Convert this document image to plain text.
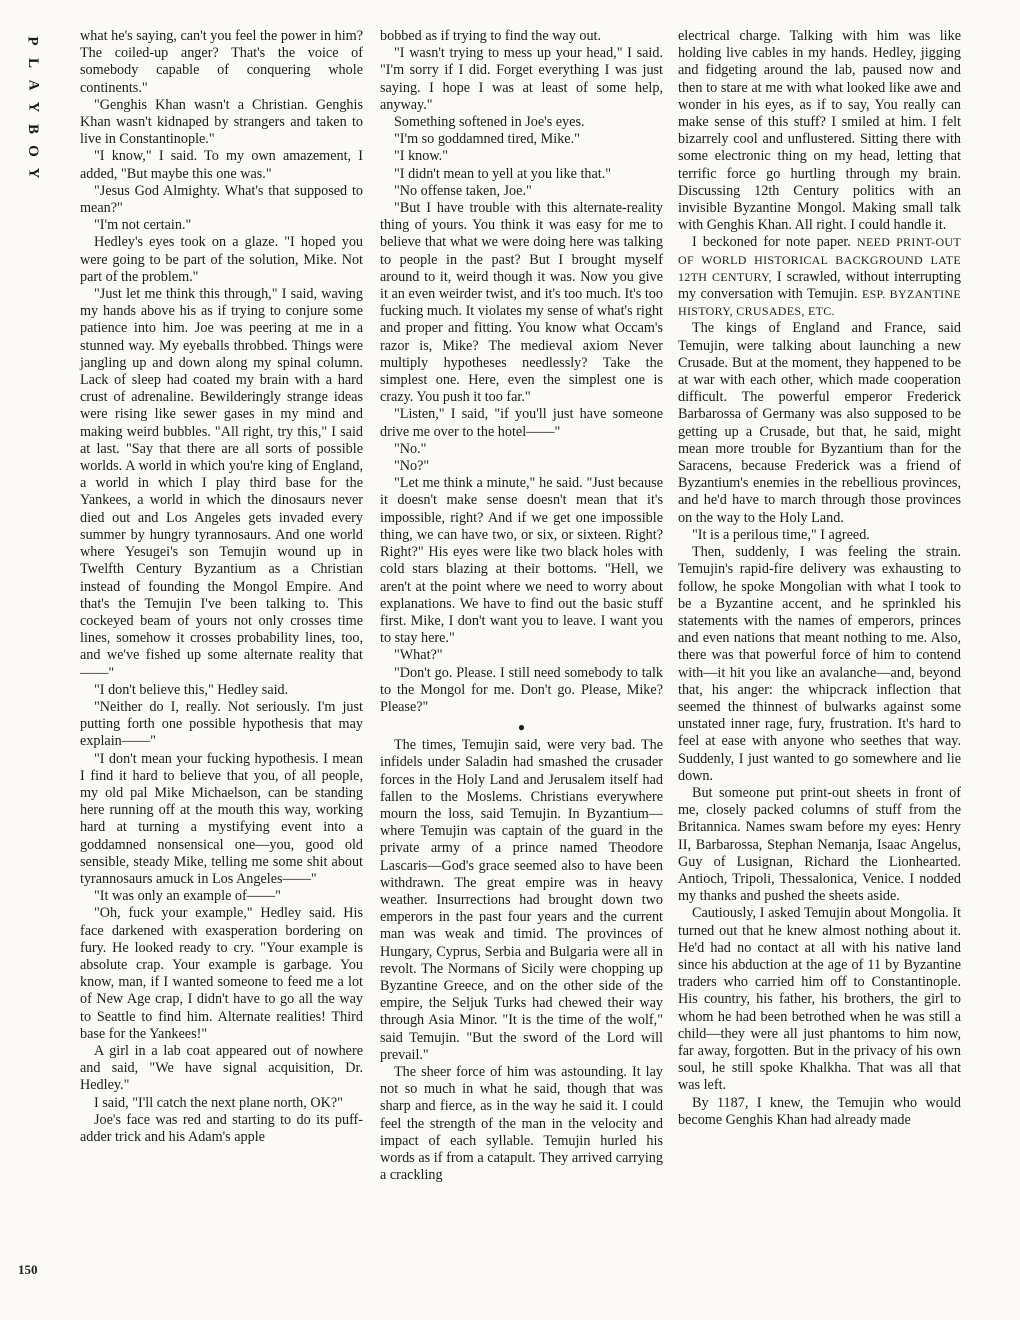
P
L
A
Y
B
O
Y
150

what he's saying, can't you feel the power in him? The coiled-up anger? That's the voice of somebody capable of conquering whole continents."

"Genghis Khan wasn't a Christian. Genghis Khan wasn't kidnaped by strangers and taken to live in Constantinople."

"I know," I said. To my own amazement, I added, "But maybe this one was."

"Jesus God Almighty. What's that supposed to mean?"

"I'm not certain."

Hedley's eyes took on a glaze. "I hoped you were going to be part of the solution, Mike. Not part of the problem."

"Just let me think this through," I said, waving my hands above his as if trying to conjure some patience into him. Joe was peering at me in a stunned way. My eyeballs throbbed. Things were jangling up and down along my spinal column. Lack of sleep had coated my brain with a hard crust of adrenaline. Bewilderingly strange ideas were rising like sewer gases in my mind and making weird bubbles. "All right, try this," I said at last. "Say that there are all sorts of possible worlds. A world in which you're king of England, a world in which I play third base for the Yankees, a world in which the dinosaurs never died out and Los Angeles gets invaded every summer by hungry tyrannosaurs. And one world where Yesugei's son Temujin wound up in Twelfth Century Byzantium as a Christian instead of founding the Mongol Empire. And that's the Temujin I've been talking to. This cockeyed beam of yours not only crosses time lines, somehow it crosses probability lines, too, and we've fished up some alternate reality that——"

"I don't believe this," Hedley said.

"Neither do I, really. Not seriously. I'm just putting forth one possible hypothesis that may explain——"

"I don't mean your fucking hypothesis. I mean I find it hard to believe that you, of all people, my old pal Mike Michaelson, can be standing here running off at the mouth this way, working hard at turning a mystifying event into a goddamned nonsensical one—you, good old sensible, steady Mike, telling me some shit about tyrannosaurs amuck in Los Angeles——"

"It was only an example of——"

"Oh, fuck your example," Hedley said. His face darkened with exasperation bordering on fury. He looked ready to cry. "Your example is absolute crap. Your example is garbage. You know, man, if I wanted someone to feed me a lot of New Age crap, I didn't have to go all the way to Seattle to find him. Alternate realities! Third base for the Yankees!"

A girl in a lab coat appeared out of nowhere and said, "We have signal acquisition, Dr. Hedley."

I said, "I'll catch the next plane north, OK?"

Joe's face was red and starting to do its puff-adder trick and his Adam's apple

bobbed as if trying to find the way out.

"I wasn't trying to mess up your head," I said. "I'm sorry if I did. Forget everything I was just saying. I hope I was at least of some help, anyway."

Something softened in Joe's eyes.

"I'm so goddamned tired, Mike."

"I know."

"I didn't mean to yell at you like that."

"No offense taken, Joe."

"But I have trouble with this alternate-reality thing of yours. You think it was easy for me to believe that what we were doing here was talking to people in the past? But I brought myself around to it, weird though it was. Now you give it an even weirder twist, and it's too much. It's too fucking much. It violates my sense of what's right and proper and fitting. You know what Occam's razor is, Mike? The medieval axiom Never multiply hypotheses needlessly? Take the simplest one. Here, even the simplest one is crazy. You push it too far."

"Listen," I said, "if you'll just have someone drive me over to the hotel——"

"No."

"No?"

"Let me think a minute," he said. "Just because it doesn't make sense doesn't mean that it's impossible, right? And if we get one impossible thing, we can have two, or six, or sixteen. Right? Right?" His eyes were like two black holes with cold stars blazing at their bottoms. "Hell, we aren't at the point where we need to worry about explanations. We have to find out the basic stuff first. Mike, I don't want you to leave. I want you to stay here."

"What?"

"Don't go. Please. I still need somebody to talk to the Mongol for me. Don't go. Please, Mike? Please?"

●

The times, Temujin said, were very bad. The infidels under Saladin had smashed the crusader forces in the Holy Land and Jerusalem itself had fallen to the Moslems. Christians everywhere mourn the loss, said Temujin. In Byzantium—where Temujin was captain of the guard in the private army of a prince named Theodore Lascaris—God's grace seemed also to have been withdrawn. The great empire was in heavy weather. Insurrections had brought down two emperors in the past four years and the current man was weak and timid. The provinces of Hungary, Cyprus, Serbia and Bulgaria were all in revolt. The Normans of Sicily were chopping up Byzantine Greece, and on the other side of the empire, the Seljuk Turks had chewed their way through Asia Minor. "It is the time of the wolf," said Temujin. "But the sword of the Lord will prevail."

The sheer force of him was astounding. It lay not so much in what he said, though that was sharp and fierce, as in the way he said it. I could feel the strength of the man in the velocity and impact of each syllable. Temujin hurled his words as if from a catapult. They arrived carrying a crackling

electrical charge. Talking with him was like holding live cables in my hands. Hedley, jigging and fidgeting around the lab, paused now and then to stare at me with what looked like awe and wonder in his eyes, as if to say, You really can make sense of this stuff? I smiled at him. I felt bizarrely cool and unflustered. Sitting there with some electronic thing on my head, letting that terrific force go hurtling through my brain. Discussing 12th Century politics with an invisible Byzantine Mongol. Making small talk with Genghis Khan. All right. I could handle it.

I beckoned for note paper. NEED PRINT-OUT OF WORLD HISTORICAL BACKGROUND LATE 12TH CENTURY, I scrawled, without interrupting my conversation with Temujin. ESP. BYZANTINE HISTORY, CRUSADES, ETC.

The kings of England and France, said Temujin, were talking about launching a new Crusade. But at the moment, they happened to be at war with each other, which made cooperation difficult. The powerful emperor Frederick Barbarossa of Germany was also supposed to be getting up a Crusade, but that, he said, might mean more trouble for Byzantium than for the Saracens, because Frederick was a friend of Byzantium's enemies in the rebellious provinces, and he'd have to march through those provinces on the way to the Holy Land.

"It is a perilous time," I agreed.

Then, suddenly, I was feeling the strain. Temujin's rapid-fire delivery was exhausting to follow, he spoke Mongolian with what I took to be a Byzantine accent, and he sprinkled his statements with the names of emperors, princes and even nations that meant nothing to me. Also, there was that powerful force of him to contend with—it hit you like an avalanche—and, beyond that, his anger: the whipcrack inflection that seemed the thinnest of bulwarks against some unstated inner rage, fury, frustration. It's hard to feel at ease with anyone who seethes that way. Suddenly, I just wanted to go somewhere and lie down.

But someone put print-out sheets in front of me, closely packed columns of stuff from the Britannica. Names swam before my eyes: Henry II, Barbarossa, Stephan Nemanja, Isaac Angelus, Guy of Lusignan, Richard the Lionhearted. Antioch, Tripoli, Thessalonica, Venice. I nodded my thanks and pushed the sheets aside.

Cautiously, I asked Temujin about Mongolia. It turned out that he knew almost nothing about it. He'd had no contact at all with his native land since his abduction at the age of 11 by Byzantine traders who carried him off to Constantinople. His country, his father, his brothers, the girl to whom he had been betrothed when he was still a child—they were all just phantoms to him now, far away, forgotten. But in the privacy of his own soul, he still spoke Khalkha. That was all that was left.

By 1187, I knew, the Temujin who would become Genghis Khan had already made
